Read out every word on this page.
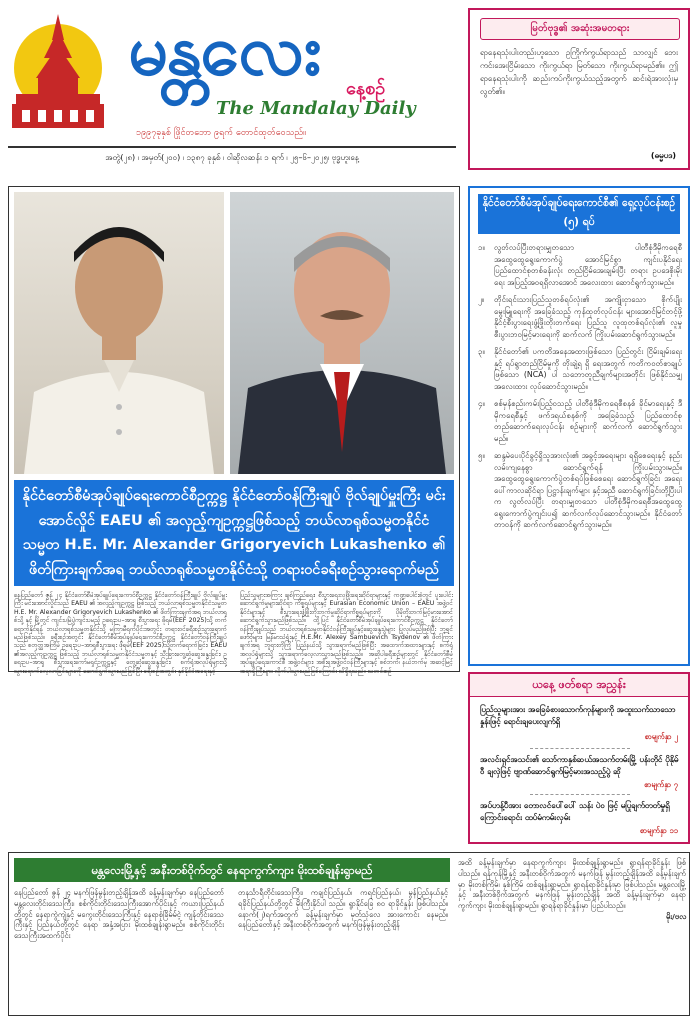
မန္တလေး နေ့စဉ်
The Mandalay Daily
၁၉၉၇ခုနှစ် ဖြိုင်တဘော ၉ရက် တောင်ထုတ်ဝေသည်။
အတွဲ(၂၈) ၊ အမှတ်(၂၀၀) ၊ ၁၃၈၇ ခုနှစ် ၊ ဝါဆိုလဆန်း ၁ ရက် ၊ ၂၅–၆–၂၀၂၅၊ ဗုဒ္ဓဟူးနေ့
မြတ်ဗုဒ္ဓ၏ အဆုံးအမတရား
ရာနေရသုံးပါးတည်းဟူသော ဥကြိုက်ကွယ်ရာသည် သာလျှင် ဘေးကင်းအေးငြိမ်းသော ကိုးကွယ်ရာ မြတ်သော ကိုးကွယ်ရာမည်၏။ ဤရာနေရသုံးပါးကို ဆည်းကပ်ကိုးကွယ်သည့်အတွက် ဆင်းရဲအားလုံးမှ လွတ်၏။
(ဓမ္မပဒ)
နိုင်ငံတော်စီမံအုပ်ချုပ်ရေးကောင်စီဥက္ကဋ္ဌ နိုင်ငံတော်ဝန်ကြီးချုပ် ဗိုလ်ချုပ်မှူးကြီး မင်းအောင်လှိုင် EAEU ၏ အလှည့်ကျဥက္ကဋ္ဌဖြစ်သည့် ဘယ်လာရုစ်သမ္မတနိုင်ငံသမ္မတ H.E. Mr. Alexander Grigoryevich Lukashenko ၏ ဖိတ်ကြားချက်အရ ဘယ်လာရုစ်သမ္မတနိုင်ငံသို့ တရားဝင်ခရီးစဉ်သွားရောက်မည်
နေပြည်တော် ဇွန် ၂၄ နိုင်ငံတော်စီမံအုပ်ချုပ်ရေးကောင်စီဥက္ကဋ္ဌ နိုင်ငံတော်ဝန်ကြီးချုပ် ဗိုလ်ချုပ်မှူးကြီး မင်းအောင်လှိုင်သည် EAEU ၏ အလှည့်ကျဥက္ကဋ္ဌ ဖြစ်သည့် ဘယ်လာရုစ်သမ္မတနိုင်ငံသမ္မတ H.E. Mr. Alexander Grigoryevich Lukashenko ၏ ဖိတ်ကြားချက်အရ ဘယ်လာရုစ်သို့ နှင့် မြို့တွင် ကျင်းပမြဲပွဲကျင်းပမည့် ဥရေးဥပ–အာရှ စီးပွားရေး ဖိုရမ်(EEF 2025)သို့ တက်ရောက်နိုင်ရန် ဘယ်လာရုစ်သမ္မတနိုင်ငံသို့ မကြာမီရက်ပိုင်းအတွင်း တရားဝင်ခရီးစဉ်သွားရောက်မည်ဖြစ်သည်။ ခရီးစဉ်အတွင်း နိုင်ငံတော်စီမံအုပ်ချုပ်ရေးကောင်စီဥက္ကဋ္ဌ နိုင်ငံတော်ဝန်ကြီးချုပ်သည် စတုတ္ထအကြိမ် ဥရေးဥပ–အာရှစီးပွားရေး ဖိုရမ်(EEF 2025)သို့တက်ရောက်ခြင်း၊ EAEU ၏အလှည့်ကျဥက္ကဋ္ဌ ဖြစ်သည့် ဘယ်လာရုစ်သမ္မတနိုင်ငံသမ္မတနှင့် သီးခြားတွေ့ဆုံဆွေးနွေးခြင်း၊ ဥရေးဥပ–အာရှ စီးပွားရေးကော်မရှင်ဥက္ကဋ္ဌနှင့် တွေ့ဆုံဆွေးနွေးခြင်း၊ စက်ရုံအလုပ်ရုံများသို့ သွားရောက်လေ့လာခြင်းများကို ဆောင်ရွက်သွားမည်ဖြစ်ပြီး ခရီးစဉ်အတွင်း နှစ်နိုင်ငံအရေးနှင့်
ပြည်သူများအကြား ချစ်ကြည်ရေး၊ စီးပွားရေးလှဖြိုးရေးဆိုင်ရာများနှင့် ကဏ္ဍပေါင်းစုံတွင် ပူးပေါင်းဆောင်ရွက်မှုများဆိုင်ရာ ကိစ္စရပ်များနှင့် Eurasian Economic Union – EAEU အဖွဲ့ဝင် နိုင်ငံများနှင့် စီးပွားရေးဖွံ့ဖြိုးတိုးတက်မှုဆိုင်ရာကိစ္စရပ်များကို ပိုမိုတိုးတက်မြင့်မားအောင် ဆောင်ရွက်သွားမည်ဖြစ်သည်။ ထို့ပြင် နိုင်ငံတော်စီမံအုပ်ချုပ်ရေးကောင်စီဥက္ကဋ္ဌ နိုင်ငံတော်ဝန်ကြီးချုပ်သည် ဘယ်လာရုစ်သမ္မတနိုင်ငံဝန်ကြီးချုပ်နှင့်ဆွေးနွေးပွဲများ ပြုလုပ်မည်ဖြစ်ပြီး ဘုရင်ဖော်ဗုံများ၊ မြန်မာသံရုံးနှင့် H.E.Mr. Alexey Sambuevich Tsydenov ၏ ဖိတ်ကြားချက်အရ ဘူရားတိုကြို ပြည်နယ်သို့ သွားရောက်မည်ဖြစ်ပြီး အထောက်အထားများနှင့် စက်ရုံ အလုပ်ရုံများသို့ သွားရောက်လေ့လာသွားမည်ဖြစ်သည်။ အဆိုပါခရီးစဉ်များတွင် နိုင်ငံတော်စီမံအုပ်ချုပ်ရေးကောင်စီ အဖွဲ့ဝင်များ၊ အစိုးရအဖွဲ့ဝင်ဝန်ကြီးများနှင့် စစ်ဘက်၊ နယ်ဘက်မှ အဆင့်မြင့်အရာရှိကြီးများ လိုက်ပါသွားမည်ဖြစ်ကြောင်း သိရှိရသည်။ သတင်းစဉ်
နိုင်ငံတော်စီမံအုပ်ချုပ်ရေးကောင်စီ၏ ရှေ့လုပ်ငန်းစဉ် (၅) ရပ်
၁။ လွတ်လပ်ပြီးတရားမျှတသော ပါတီစုံဒီမိုကရေစီ အထွေထွေရွေးကောက်ပွဲ အောင်မြင်စွာ ကျင်းပနိုင်ရေး ပြည်ထောင်စုတစ်ခန်းလုံး တည်ငြိမ်အေးချမ်းပြီး တရား ဥပဒေစိုးမိုးရေး အပြည့်အဝရရှိလာအောင် အလေးထား ဆောင်ရွက်သွားမည်။
၂။ တိုင်းရင်းသားပြည်သူတစ်ရပ်လုံး၏ အကျိုးငှာသော စိုက်ပျိုးမွေးမြူရေးကို အခြေခံသည့် ကုန်ထုတ်လုပ်ငန်း များအောင်မြင်တင့်ဖို့ နိုင်ငံ့စီးပွားရေးဖွံ့ဖြိုးတိုးတက်ရေး ပြည်သူ လူထုတစ်ရပ်လုံး၏ လူမှုစီးပွားဘဝမြင့်မားရေးကို ဆက်လက် ကြိုးပမ်းဆောင်ရွက်သွားမည်။
၃။ နိုင်ငံတော်၏ ပကတိအနေအထားဖြစ်သော ပြည်တွင်း ငြိမ်းချမ်းရေးနှင့် ရပ်ရွာတည်ငြိမ်မှုကို တိုးချဲ့ရ ရှိ ရေးအတွက် ကတိကဝတ်စာချုပ်ဖြစ်သော (NCA) ပါ သဘောတူညီချက်များအတိုင်း ဖြစ်နိုင်သမျှ အလေးထား လုပ်ဆောင်သွားမည်။
၄။ စစ်မှန်စည်းကမ်းပြည့်ဝသည့် ပါတီစုံဒီမိုကရေစီစနစ် ခိုင်မာရေးနှင့် ဒီမိုကရေစီနှင့် ဖက်ဒရယ်စနစ်ကို အခြေခံသည့် ပြည်ထောင်စုတည်ဆောက်ရေးလုပ်ငန်း စဉ်များကို ဆက်လက် ဆောင်ရွက်သွားမည်။
၅။ ဆန္ဒမဲပေးပိုင်ခွင့်ရှိသူအားလုံး၏ အခွင့်အရေးများ ရရှိစေရေးနှင့် နည်းလမ်းကျနေစွာ ဆောင်ရွက်ရန် ကြိုးပမ်းသွားမည်။ အထွေထွေရွေးကောက်ပွဲတစ်ရပ်ဖြစ်စေရေး ဆောင်ရွက်ခြင်း အရေးပေါ်ကာလဆိုင်ရာ ပြဋ္ဌာန်းချက်များ နှင့်အညီ ဆောင်ရွက်ခြင်းတို့ပြီးပါက လွတ်လပ်ပြီး တရားမျှတသော ပါတီစုံဒီမိုကရေစီအထွေထွေ ရွေးကောက်ပွဲကျင်းပ၍ ဆက်လက်လုပ်ဆောင်သွားမည်။ နိုင်ငံတော်တာဝန်ကို ဆက်လက်ဆောင်ရွက်သွားမည်။
ယနေ့ ဖတ်စရာ အညွှန်း
ပြည်သူများအား အခြေခံစားသောက်ကုန်များကို အထူးသက်သာသော နှုန်းဖြင့် ရောင်းချပေးလျက်ရှိ
စာမျက်နှာ ၂
အလင်းရှင်အသင်း၏ သော်ကာနှစ်ဆယ်အသက်တမ်းမြို့ ပန်းတိုင် ပိုနိုမ်ဝီ ချလှဲဖြင့် ဗျာဏ်ဆောင်ရွက်မြင့်မားအသည့်ပွဲ ဆို
စာမျက်နှာ ၇
အပ်ဟန့်ပီအား တောလင်ပေါ်ပေါ် သန်း ပဲ၀ ဖြင့် မပြုချက်တတ်မှုရှိကြောင်းရောင်း ထပ်မံကမ်းလှမ်း
စာမျက်နှာ ၁၁
မန္တလေးမြို့နှင့် အနီးတစ်ဝိုက်တွင် နေရာကွက်ကျား မိုးထစ်ချုန်းရွာမည်
နေပြည်တော် ဇွန် ၂၄ မနက်ဖြန်မွန်းတည့်ချိန်အထိ ခန့်မှန်းချက်မှာ နေပြည်တော် မန္တလေးတိုင်းဒေသကြီး၊ စစ်ကိုင်းတိုင်းဒေသကြီးအောက်ပိုင်းနှင့် ကယားပြည်နယ်တို့တွင် နေရာကွဲကျဲနှင့် မကွေးတိုင်းဒေသကြီးနှင့် နေရာစုံခြိမ်မ်ငဲ့ ကျန်တိုင်းဒေသကြီးနှင့် ပြည်နယ်တို့တွင် နေရာ အနှံ့အပြား မိုးထစ်ချုန်းရွာမည်။ စစ်ကိုင်းတိုင်းဒေသကြီးအထက်ပိုင်း
တနင်္သာရီတိုင်းဒေသကြီး၊ ကချင်ပြည်နယ်၊ ကရင်ပြည်နယ်၊ မွန်ပြည်နယ်နှင့် ရခိုင်ပြည်နယ်တို့တွင် မိုးကြီးနိုင်ပါ သည်။ ရွာနိုင်ခြေ ၈၀ ရာခိုင်နှုန်း ဖြစ်ပါသည်။ နောက်(၂)ရက်အတွက် ခန့်မှန်းချက်မှာ မုတ်သုံလေ အားကောင်း နေမည်။ နေပြည်တော်နှင့် အနီးတစ်ဝိုက်အတွက် မနက်ဖြန်မွန်းတည့်ချိန်
အထိ ခန့်မှန်းချက်မှာ နေရာကွက်ကျား မိုးထစ်ချုန်းရွာမည်။ ရွာရန်ရာခိုင်နှုန်း ဖြစ်ပါသည်။ ရန်ကုန်မြို့နှင့် အနီးတစ်ဝိုက်အတွက် မနက်ဖြန် မွန်းတည့်ချိန်အထိ ခန့်မှန်းချက်မှာ မိုးတစ်ကြိမ်၊ နှစ်ကြိမ် ထစ်ချုန်းရွာမည်။ ရွာရန်ရာခိုင်နှုန်းမှာ ဖြစ်ပါသည်။ မန္တလေးမြို့နှင့် အနီးတစ်ဝိုက်အတွက် မနက်ဖြန် မွန်းတည့်ချိန် အထိ ခန့်မှန်းချက်မှာ နေရာကွက်ကျား မိုးထစ်ချုန်းရွာမည်။ ရွာရန်ရာခိုင်နှုန်းမှာ ပြည်ပါသည်။
မိုး/ဗလ
